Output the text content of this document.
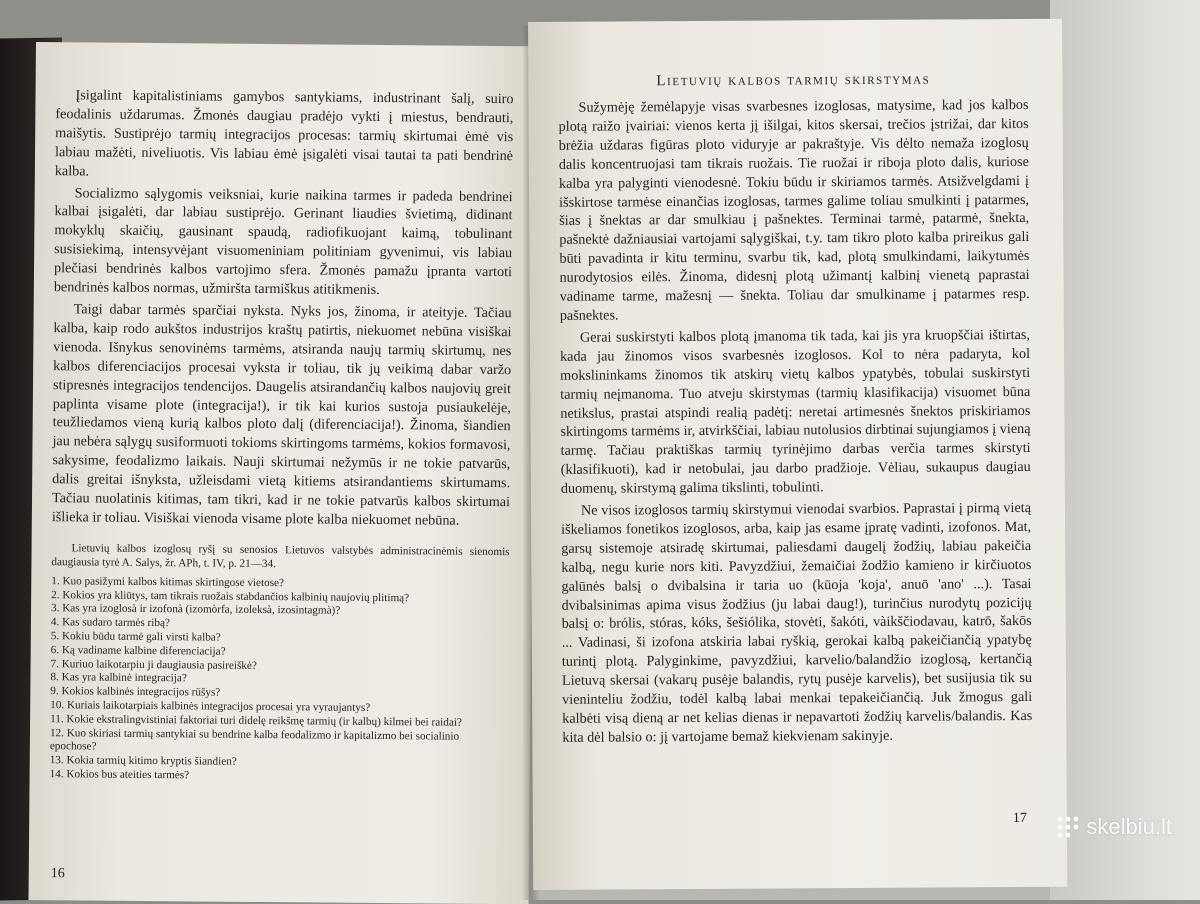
Įsigalint kapitalistiniams gamybos santykiams, industrinant šalį, suiro feodalinis uždarumas. Žmonės daugiau pradėjo vykti į miestus, bendrauti, maišytis. Sustiprėjo tarmių integracijos procesas: tarmių skirtumai ėmė vis labiau mažėti, niveliuotis. Vis labiau ėmė įsigalėti visai tautai ta pati bendrinė kalba.

Socializmo sąlygomis veiksniai, kurie naikina tarmes ir padeda bendrinei kalbai įsigalėti, dar labiau sustiprėjo. Gerinant liaudies švietimą, didinant mokyklų skaičių, gausinant spaudą, radiofikuojant kaimą, tobulinant susisiekimą, intensyvėjant visuomeniniam politiniam gyvenimui, vis labiau plečiasi bendrinės kalbos vartojimo sfera. Žmonės pamažu įpranta vartoti bendrinės kalbos normas, užmiršta tarmiškus atitikmenis.

Taigi dabar tarmės sparčiai nyksta. Nyks jos, žinoma, ir ateityje. Tačiau kalba, kaip rodo aukštos industrijos kraštų patirtis, niekuomet nebūna visiškai vienoda. Išnykus senovinėms tarmėms, atsiranda naujų tarmių skirtumų, nes kalbos diferenciacijos procesai vyksta ir toliau, tik jų veikimą dabar varžo stipresnės integracijos tendencijos. Daugelis atsirandančių kalbos naujovių greit paplinta visame plote (integracija!), ir tik kai kurios sustoja pusiaukelėje, teužliedamos vieną kurią kalbos ploto dalį (diferenciacija!). Žinoma, šiandien jau nebėra sąlygų susiformuoti tokioms skirtingoms tarmėms, kokios formavosi, sakysime, feodalizmo laikais. Nauji skirtumai nežymūs ir ne tokie patvarūs, dalis greitai išnyksta, užleisdami vietą kitiems atsirandantiems skirtumams. Tačiau nuolatinis kitimas, tam tikri, kad ir ne tokie patvarūs kalbos skirtumai išlieka ir toliau. Visiškai vienoda visame plote kalba niekuomet nebūna.

Lietuvių kalbos izoglosų ryšį su senosios Lietuvos valstybės administracinėmis sienomis daugiausia tyrė A. Salys, žr. APh, t. IV, p. 21—34.

1. Kuo pasižymi kalbos kitimas skirtingose vietose?
2. Kokios yra kliūtys, tam tikrais ruožais stabdančios kalbinių naujovių plitimą?
3. Kas yra izoglosà ir izofonà (izomòrfa, izoleksà, izosintagmà)?
4. Kas sudaro tarmės ribą?
5. Kokiu būdu tarmė gali virsti kalba?
6. Ką vadiname kalbine diferenciacija?
7. Kuriuo laikotarpiu ji daugiausia pasireiškė?
8. Kas yra kalbinė integracija?
9. Kokios kalbinės integracijos rūšys?
10. Kuriais laikotarpiais kalbinės integracijos procesai yra vyraujantys?
11. Kokie ekstralingvistiniai faktoriai turi didelę reikšmę tarmių (ir kalbų) kilmei bei raidai?
12. Kuo skiriasi tarmių santykiai su bendrine kalba feodalizmo ir kapitalizmo bei socialinio epochose?
13. Kokia tarmių kitimo kryptis šiandien?
14. Kokios bus ateities tarmės?
16
Lietuvių kalbos tarmių skirstymas

Sužymėję žemėlapyje visas svarbesnes izoglosas, matysime, kad jos kalbos plotą raižo įvairiai: vienos kerta jį išilgai, kitos skersai, trečios įstrižai, dar kitos brėžia uždaras figūras ploto viduryje ar pakraštyje. Vis dėlto nemaža izoglosų dalis koncentruojasi tam tikrais ruožais. Tie ruožai ir riboja ploto dalis, kuriose kalba yra palyginti vienodesnė. Tokiu būdu ir skiriamos tarmės. Atsižvelgdami į išskirtose tarmėse einančias izoglosas, tarmes galime toliau smulkinti į patarmes, šias į šnektas ar dar smulkiau į pašnektes. Terminai tarmė, patarmė, šnekta, pašnektė dažniausiai vartojami sąlygiškai, t.y. tam tikro ploto kalba prireikus gali būti pavadinta ir kitu terminu, svarbu tik, kad, plotą smulkindami, laikytumės nurodytosios eilės. Žinoma, didesnį plotą užimantį kalbinį vienetą paprastai vadiname tarme, mažesnį — šnekta. Toliau dar smulkiname į patarmes resp. pašnektes.

Gerai suskirstyti kalbos plotą įmanoma tik tada, kai jis yra kruopščiai ištirtas, kada jau žinomos visos svarbesnės izoglosos. Kol to nėra padaryta, kol mokslininkams žinomos tik atskirų vietų kalbos ypatybės, tobulai suskirstyti tarmių neįmanoma. Tuo atveju skirstymas (tarmių klasifikacija) visuomet būna netikslus, prastai atspindi realią padėtį: neretai artimesnės šnektos priskiriamos skirtingoms tarmėms ir, atvirkščiai, labiau nutolusios dirbtinai sujungiamos į vieną tarmę. Tačiau praktiškas tarmių tyrinėjimo darbas verčia tarmes skirstyti (klasifikuoti), kad ir netobulai, jau darbo pradžioje. Vėliau, sukaupus daugiau duomenų, skirstymą galima tikslinti, tobulinti.

Ne visos izoglosos tarmių skirstymui vienodai svarbios. Paprastai į pirmą vietą iškeliamos fonetikos izoglosos, arba, kaip jas esame įpratę vadinti, izofonos. Mat, garsų sistemoje atsiradę skirtumai, paliesdami daugelį žodžių, labiau pakeičia kalbą, negu kurie nors kiti. Pavyzdžiui, žemaičiai žodžio kamieno ir kirčiuotos galūnės balsį o dvibalsina ir taria uo (kūoja 'koja', anuō 'ano' ...). Tasai dvibalsinimas apima visus žodžius (ju labai daug!), turinčius nurodytų pozicijų balsį o: brólis, stóras, kóks, šešiólika, stovėti, šakóti, vàikščiodavau, katrō, šakōs ... Vadinasi, ši izofona atskiria labai ryškią, gerokai kalbą pakeičiančią ypatybę turintį plotą. Palyginkime, pavyzdžiui, karvelio/balandžio izoglosą, kertančią Lietuvą skersai (vakarų pusėje balandis, rytų pusėje karvelis), bet susijusia tik su vieninteliu žodžiu, todėl kalbą labai menkai tepakeičiančią. Juk žmogus gali kalbėti visą dieną ar net kelias dienas ir nepavartoti žodžių karvelis/balandis. Kas kita dėl balsio o: jį vartojame bemaž kiekvienam sakinyje.

17	skelbiu.lt
